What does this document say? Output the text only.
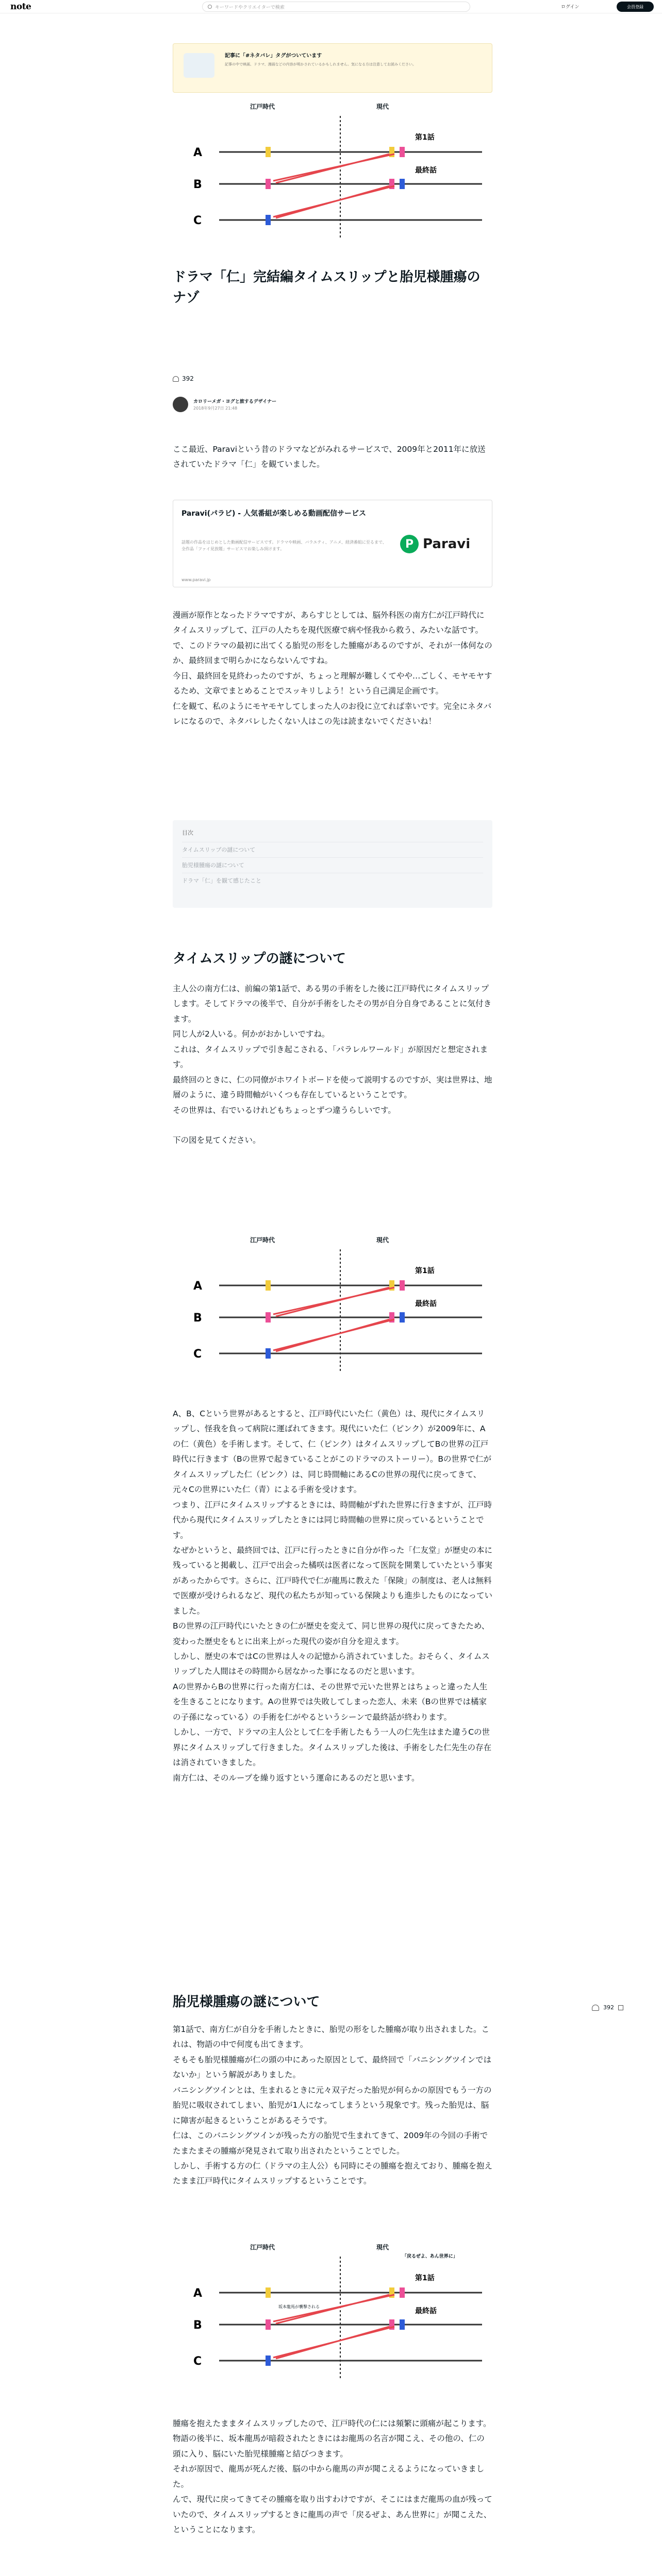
note	キーワードやクリエイターで検索	ログイン	会員登録
記事に「#ネタバレ」タグがついています
記事の中で映画、ドラマ、漫画などの内容が明かされているかもしれません。気になる方は注意してお読みください。
江戸時代	現代
A
B
C
第1話
最終話
ドラマ「仁」完結編タイムスリップと胎児様腫瘍のナゾ
392
カロリーメガ・ヨグと旅するデザイナー
2018年9月27日 21:48
ここ最近、Paraviという昔のドラマなどがみれるサービスで、2009年と2011年に放送されていたドラマ「仁」を観ていました。
Paravi(パラビ) - 人気番組が楽しめる動画配信サービス
話題の作品をはじめとした動画配信サービスです。ドラマや映画、バラエティ、アニメ、経済番組に至るまで、全作品「ファイ見放題」サービスでお楽しみ頂けます。
www.paravi.jp
P Paravi

漫画が原作となったドラマですが、あらすじとしては、脳外科医の南方仁が江戸時代にタイムスリップして、江戸の人たちを現代医療で病や怪我から救う、みたいな話です。

で、このドラマの最初に出てくる胎児の形をした腫瘍があるのですが、それが一体何なのか、最終回まで明らかにならないんですね。

今日、最終回を見終わったのですが、ちょっと理解が難しくてやや…ごしく、モヤモヤするため、文章でまとめることでスッキリしよう！という自己満足企画です。

仁を観て、私のようにモヤモヤしてしまった人のお役に立てれば幸いです。完全にネタバレになるので、ネタバレしたくない人はこの先は読まないでくださいね！

目次
タイムスリップの謎について
胎児様腫瘍の謎について
ドラマ「仁」を観て感じたこと
タイムスリップの謎について

主人公の南方仁は、前編の第1話で、ある男の手術をした後に江戸時代にタイムスリップします。そしてドラマの後半で、自分が手術をしたその男が自分自身であることに気付きます。

同じ人が2人いる。何かがおかしいですね。

これは、タイムスリップで引き起こされる、「パラレルワールド」が原因だと想定されます。

最終回のときに、仁の同僚がホワイトボードを使って説明するのですが、実は世界は、地層のように、違う時間軸がいくつも存在しているということです。

その世界は、右でいるけれどもちょっとずつ違うらしいです。

下の図を見てください。

江戸時代	現代
A
B
C
第1話
最終話

A、B、Cという世界があるとすると、江戸時代にいた仁（黄色）は、現代にタイムスリップし、怪我を負って病院に運ばれてきます。現代にいた仁（ピンク）が2009年に、Aの仁（黄色）を手術します。そして、仁（ピンク）はタイムスリップしてBの世界の江戸時代に行きます（Bの世界で起きていることがこのドラマのストーリー）。Bの世界で仁がタイムスリップした仁（ピンク）は、同じ時間軸にあるCの世界の現代に戻ってきて、元々Cの世界にいた仁（青）による手術を受けます。

つまり、江戸にタイムスリップするときには、時間軸がずれた世界に行きますが、江戸時代から現代にタイムスリップしたときには同じ時間軸の世界に戻っているということです。

なぜかというと、最終回では、江戸に行ったときに自分が作った「仁友堂」が歴史の本に残っていると掲載し、江戸で出会った橘咲は医者になって医院を開業していたという事実があったからです。さらに、江戸時代で仁が龍馬に教えた「保険」の制度は、老人は無料で医療が受けられるなど、現代の私たちが知っている保険よりも進歩したものになっていました。

Bの世界の江戸時代にいたときの仁が歴史を変えて、同じ世界の現代に戻ってきたため、変わった歴史をもとに出来上がった現代の姿が自分を迎えます。

しかし、歴史の本ではCの世界は人々の記憶から消されていました。おそらく、タイムスリップした人間はその時間から居なかった事になるのだと思います。

Aの世界からBの世界に行った南方仁は、その世界で元いた世界とはちょっと違った人生を生きることになります。Aの世界では失敗してしまった恋人、未来（Bの世界では橘家の子孫になっている）の手術を仁がやるというシーンで最終話が終わります。

しかし、一方で、ドラマの主人公として仁を手術したもう一人の仁先生はまた違うCの世界にタイムスリップして行きました。タイムスリップした後は、手術をした仁先生の存在は消されていきました。

南方仁は、そのループを繰り返すという運命にあるのだと思います。

胎児様腫瘍の謎について	392

第1話で、南方仁が自分を手術したときに、胎児の形をした腫瘍が取り出されました。これは、物語の中で何度も出てきます。

そもそも胎児様腫瘍が仁の頭の中にあった原因として、最終回で「バニシングツインではないか」という解説がありました。

バニシングツインとは、生まれるときに元々双子だった胎児が何らかの原因でもう一方の胎児に吸収されてしまい、胎児が1人になってしまうという現象です。残った胎児は、脳に障害が起きるということがあるそうです。

仁は、このバニシングツインが残った方の胎児で生まれてきて、2009年の今回の手術でたまたまその腫瘍が発見されて取り出されたということでした。

しかし、手術する方の仁（ドラマの主人公）も同時にその腫瘍を抱えており、腫瘍を抱えたまま江戸時代にタイムスリップするということです。

江戸時代	現代
「戻るぜよ、あん世界に」
A
B
C
坂本龍馬が襲撃される
第1話
最終話

腫瘍を抱えたままタイムスリップしたので、江戸時代の仁には頻繁に頭痛が起こります。

物語の後半に、坂本龍馬が暗殺されたときにはお龍馬の名言が聞こえ、その他の、仁の頭に入り、脳にいた胎児様腫瘍と結びつきます。

それが原因で、龍馬が死んだ後、脳の中から龍馬の声が聞こえるようになっていきました。

んで、現代に戻ってきてその腫瘍を取り出すわけですが、そこにはまだ龍馬の血が残っていたので、タイムスリップするときに龍馬の声で「戻るぜよ、あん世界に」が聞こえた、ということになります。
